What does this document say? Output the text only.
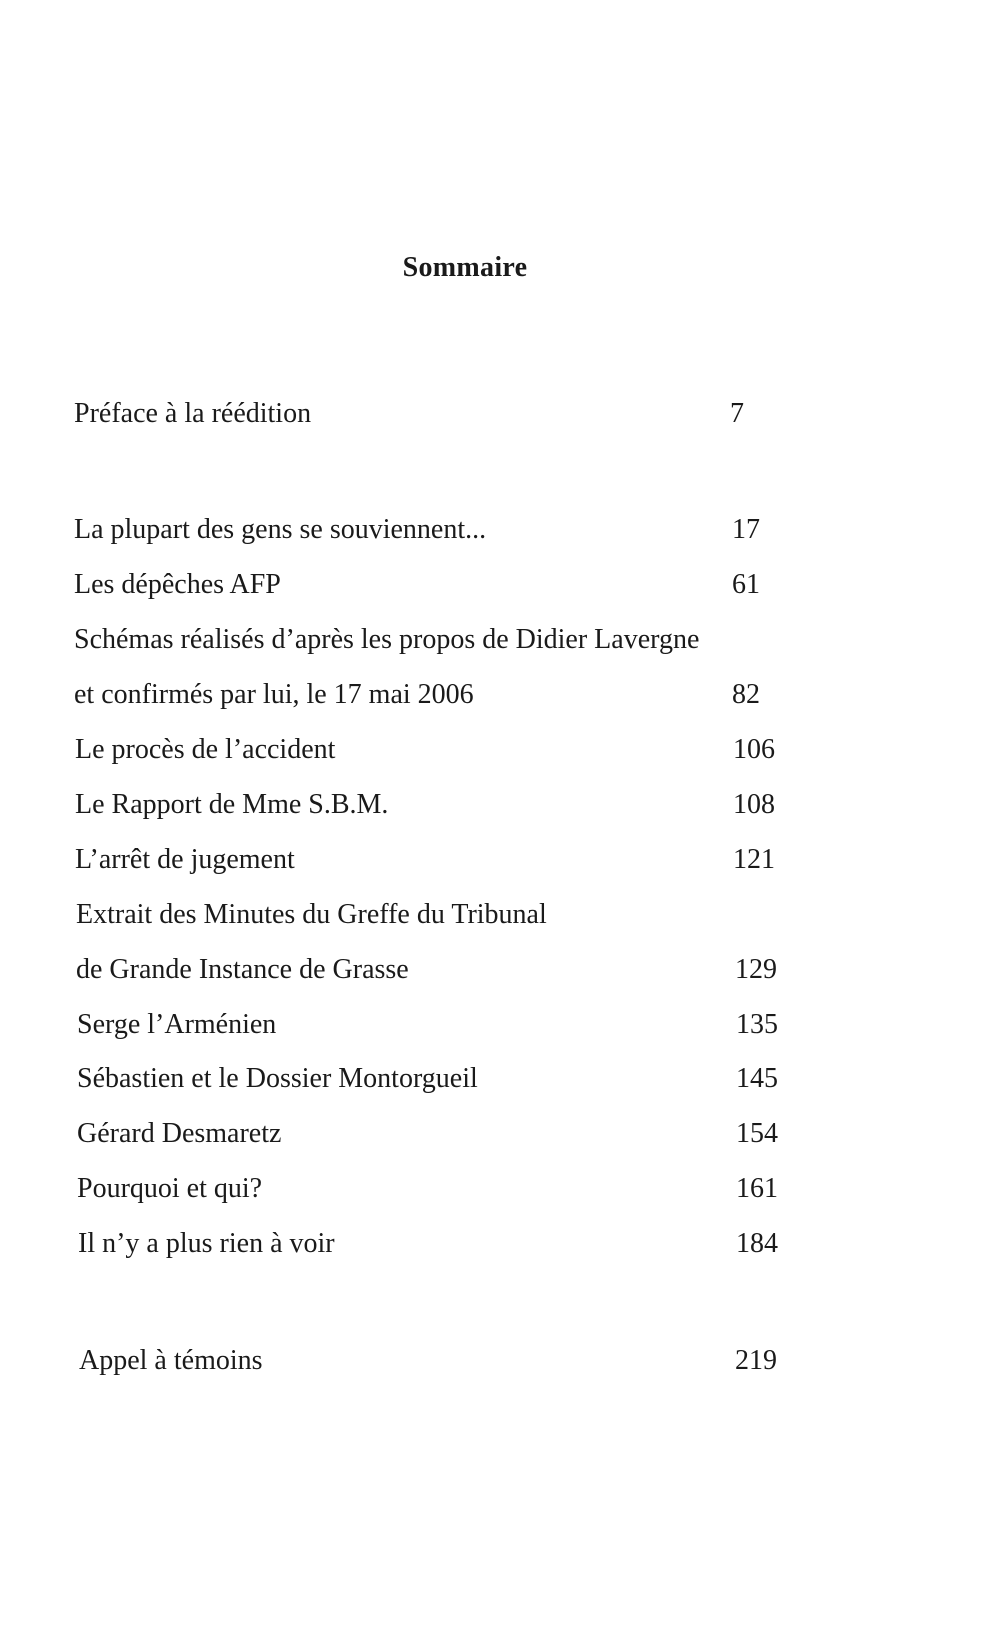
Sommaire
Préface à la réédition	7
La plupart des gens se souviennent...	17
Les dépêches AFP	61
Schémas réalisés d’après les propos de Didier Lavergne
et confirmés par lui, le 17 mai 2006	82
Le procès de l’accident	106
Le Rapport de Mme S.B.M.	108
L’arrêt de jugement	121
Extrait des Minutes du Greffe du Tribunal
de Grande Instance de Grasse	129
Serge l’Arménien	135
Sébastien et le Dossier Montorgueil	145
Gérard Desmaretz	154
Pourquoi et qui?	161
Il n’y a plus rien à voir	184
Appel à témoins	219
